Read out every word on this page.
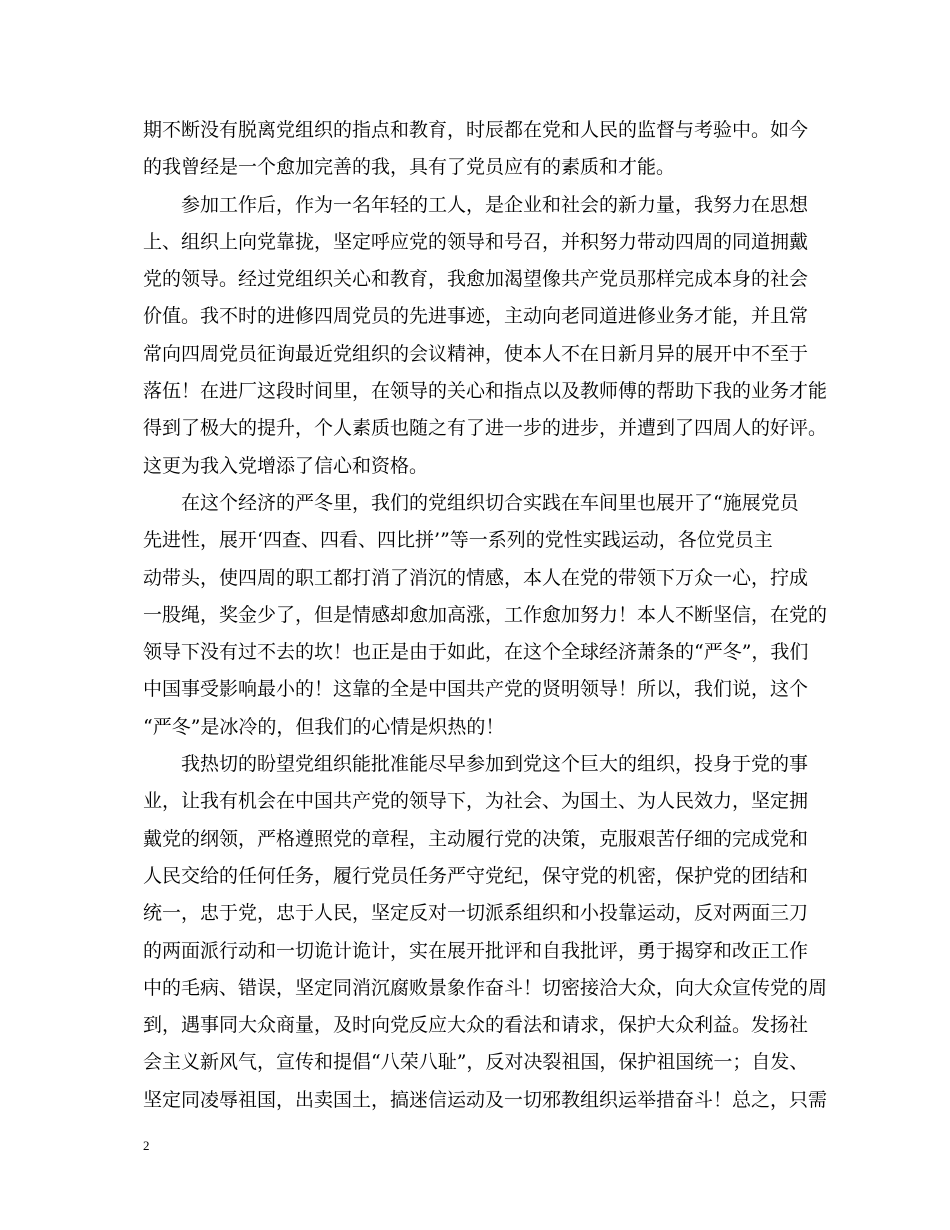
期不断没有脱离党组织的指点和教育，时辰都在党和人民的监督与考验中。如今
的我曾经是一个愈加完善的我，具有了党员应有的素质和才能。
　　参加工作后，作为一名年轻的工人，是企业和社会的新力量，我努力在思想
上、组织上向党靠拢，坚定呼应党的领导和号召，并积努力带动四周的同道拥戴
党的领导。经过党组织关心和教育，我愈加渴望像共产党员那样完成本身的社会
价值。我不时的进修四周党员的先进事迹，主动向老同道进修业务才能，并且常
常向四周党员征询最近党组织的会议精神，使本人不在日新月异的展开中不至于
落伍！在进厂这段时间里，在领导的关心和指点以及教师傅的帮助下我的业务才能
得到了极大的提升，个人素质也随之有了进一步的进步，并遭到了四周人的好评。
这更为我入党增添了信心和资格。
　　在这个经济的严冬里，我们的党组织切合实践在车间里也展开了“施展党员
先进性，展开‘四查、四看、四比拼’”等一系列的党性实践运动，各位党员主
动带头，使四周的职工都打消了消沉的情感，本人在党的带领下万众一心，拧成
一股绳，奖金少了，但是情感却愈加高涨，工作愈加努力！本人不断坚信，在党的
领导下没有过不去的坎！也正是由于如此，在这个全球经济萧条的“严冬”，我们
中国事受影响最小的！这靠的全是中国共产党的贤明领导！所以，我们说，这个
“严冬”是冰冷的，但我们的心情是炽热的！
　　我热切的盼望党组织能批准能尽早参加到党这个巨大的组织，投身于党的事
业，让我有机会在中国共产党的领导下，为社会、为国土、为人民效力，坚定拥
戴党的纲领，严格遵照党的章程，主动履行党的决策，克服艰苦仔细的完成党和
人民交给的任何任务，履行党员任务严守党纪，保守党的机密，保护党的团结和
统一，忠于党，忠于人民，坚定反对一切派系组织和小投靠运动，反对两面三刀
的两面派行动和一切诡计诡计，实在展开批评和自我批评，勇于揭穿和改正工作
中的毛病、错误，坚定同消沉腐败景象作奋斗！切密接洽大众，向大众宣传党的周
到，遇事同大众商量，及时向党反应大众的看法和请求，保护大众利益。发扬社
会主义新风气，宣传和提倡“八荣八耻”，反对决裂祖国，保护祖国统一；自发、
坚定同凌辱祖国，出卖国土，搞迷信运动及一切邪教组织运举措奋斗！总之，只需
2
